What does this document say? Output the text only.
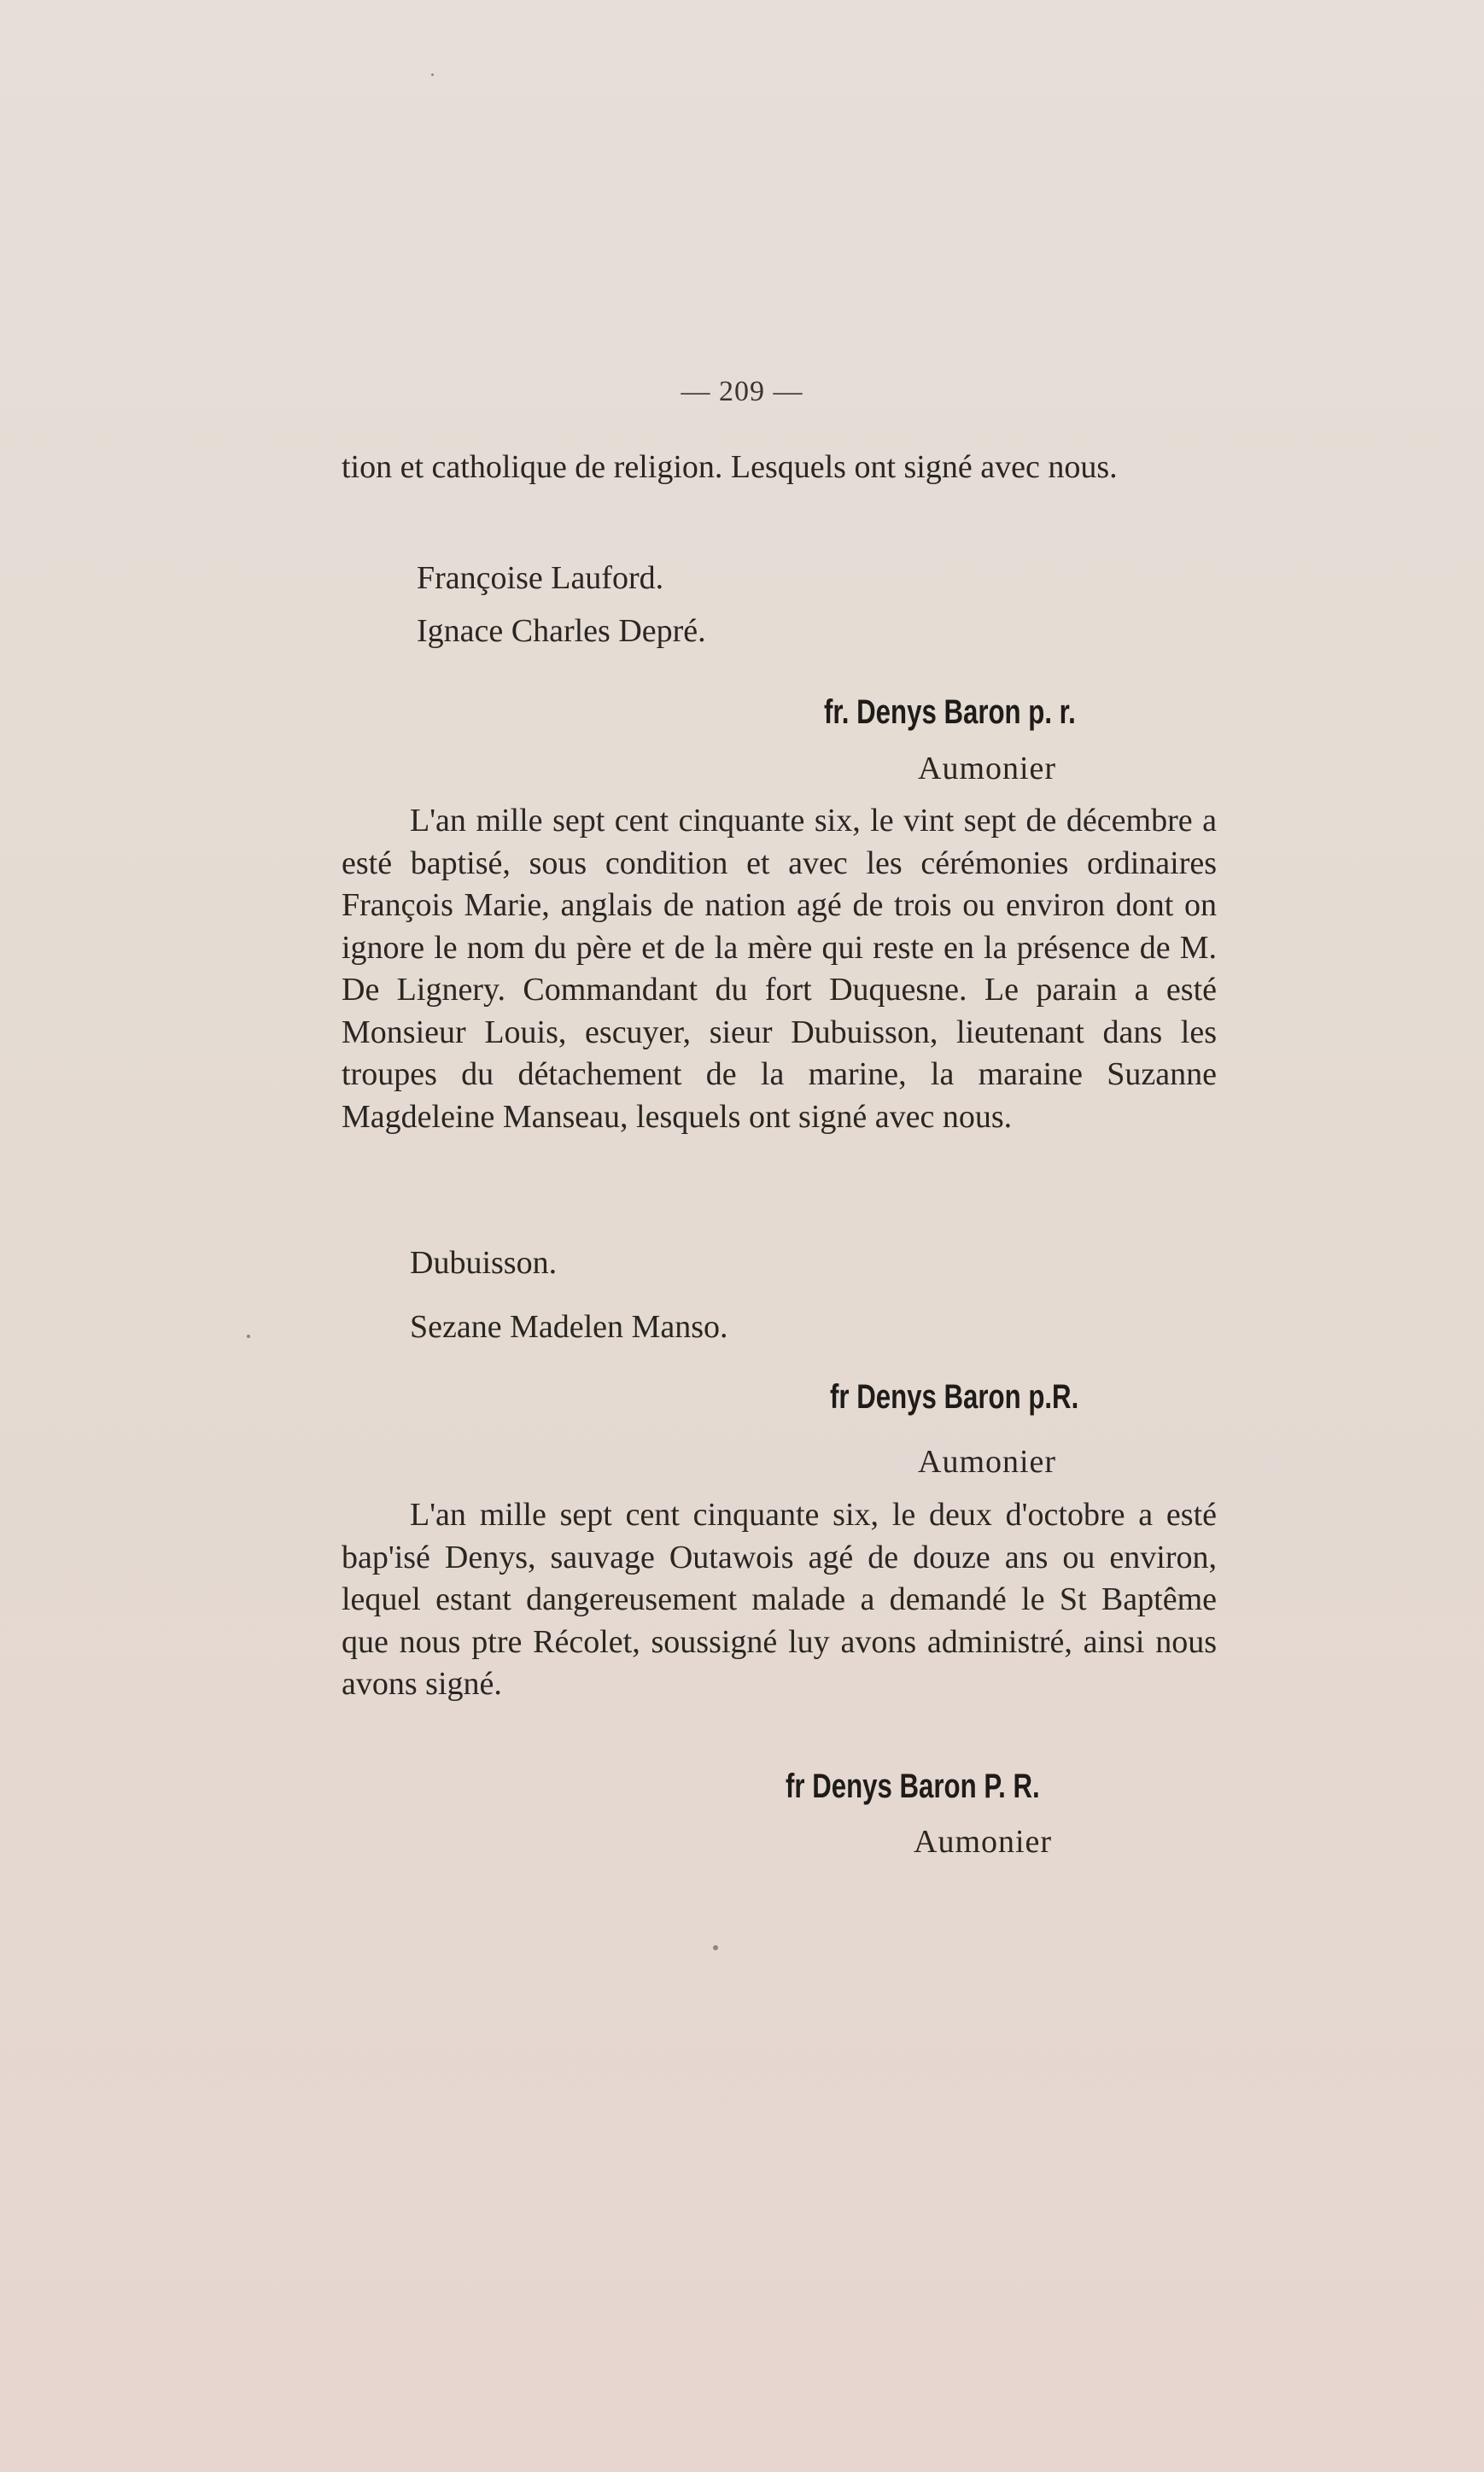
— 209 —

tion et catholique de religion. Lesquels ont signé avec nous.

Françoise Lauford.
Ignace Charles Depré.
fr. Denys Baron p. r.
Aumonier

L'an mille sept cent cinquante six, le vint sept de décembre a esté baptisé, sous condition et avec les cérémonies ordinaires François Marie, anglais de nation agé de trois ou environ dont on ignore le nom du père et de la mère qui reste en la présence de M. De Lignery. Commandant du fort Duquesne. Le parain a esté Monsieur Louis, escuyer, sieur Dubuisson, lieutenant dans les troupes du détachement de la marine, la maraine Suzanne Magdeleine Manseau, lesquels ont signé avec nous.

Dubuisson.
Sezane Madelen Manso.
fr Denys Baron p.R.
Aumonier

L'an mille sept cent cinquante six, le deux d'octobre a esté bap'isé Denys, sauvage Outawois agé de douze ans ou environ, lequel estant dangereusement malade a demandé le St Baptême que nous ptre Récolet, soussigné luy avons administré, ainsi nous avons signé.

fr Denys Baron P. R.
Aumonier
